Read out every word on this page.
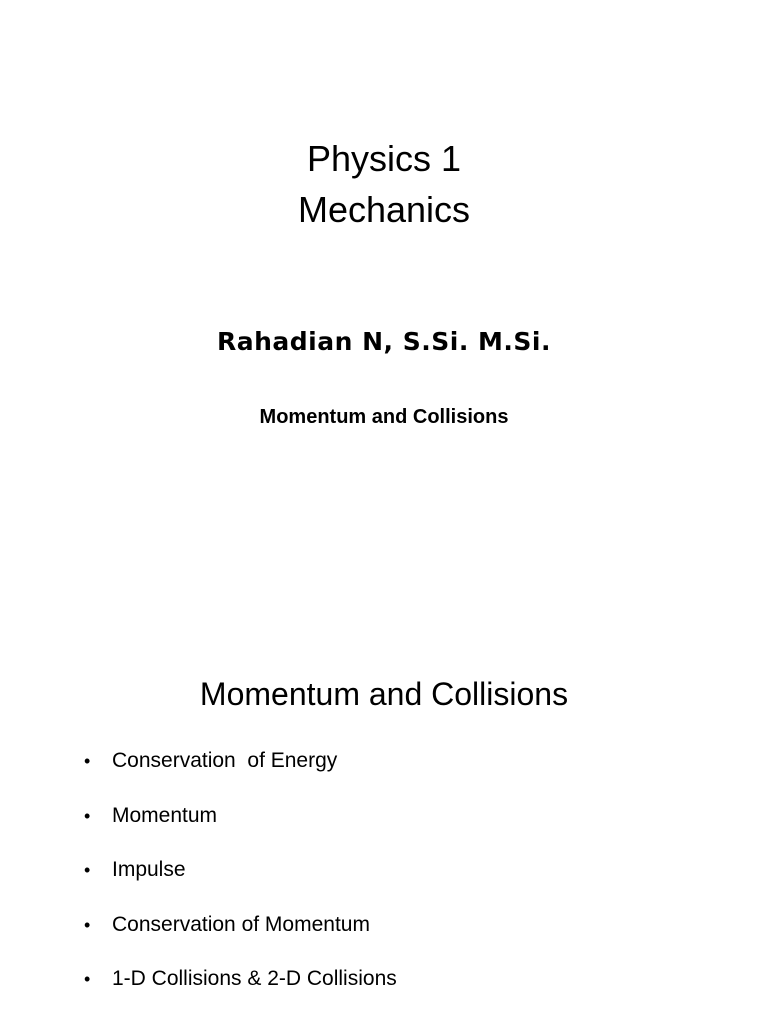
Physics 1
Mechanics

Rahadian N, S.Si. M.Si.

Momentum and Collisions

Momentum and Collisions

•

	Conservation  of Energy

•

	Momentum

•

	Impulse

•

	Conservation of Momentum

•

	1-D Collisions & 2-D Collisions
